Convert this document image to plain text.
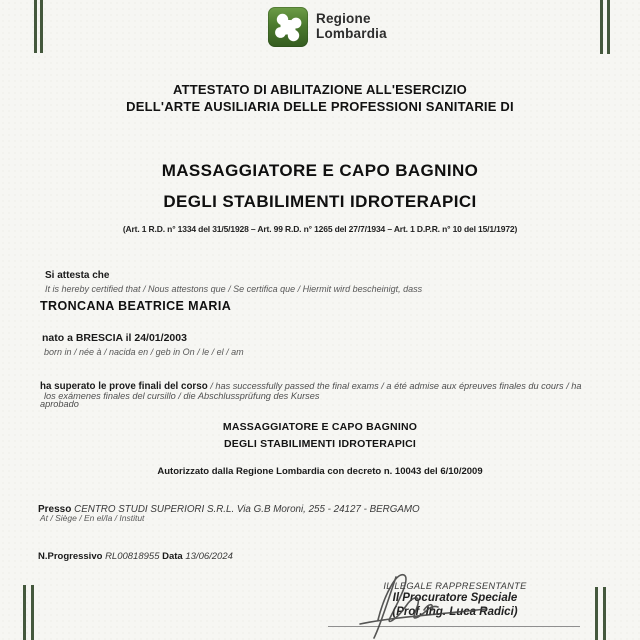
Regione
Lombardia
ATTESTATO DI ABILITAZIONE ALL'ESERCIZIO
DELL'ARTE AUSILIARIA DELLE PROFESSIONI SANITARIE DI
MASSAGGIATORE E CAPO BAGNINO
DEGLI STABILIMENTI IDROTERAPICI
(Art. 1 R.D. n° 1334 del 31/5/1928 – Art. 99 R.D. n° 1265 del 27/7/1934 – Art. 1 D.P.R. n° 10 del 15/1/1972)
Si attesta che
It is hereby certified that / Nous attestons que / Se certifica que / Hiermit wird bescheinigt, dass
TRONCANA BEATRICE MARIA
nato a BRESCIA il 24/01/2003
born in / née à / nacida en / geb in On / le / el / am
ha superato le prove finali del corso / has successfully passed the final exams / a été admise aux épreuves finales du cours / ha aprobado
los exámenes finales del cursillo / die Abschlussprüfung des Kurses
MASSAGGIATORE E CAPO BAGNINO
DEGLI STABILIMENTI IDROTERAPICI
Autorizzato dalla Regione Lombardia con decreto n. 10043 del 6/10/2009
Presso CENTRO STUDI SUPERIORI S.R.L. Via G.B Moroni, 255 - 24127 - BERGAMO
At / Siège / En el/la / Institut
N.Progressivo RL00818955 Data 13/06/2024
IL LEGALE RAPPRESENTANTE
Il Procuratore Speciale
(Prof. Ing. Luca Radici)
